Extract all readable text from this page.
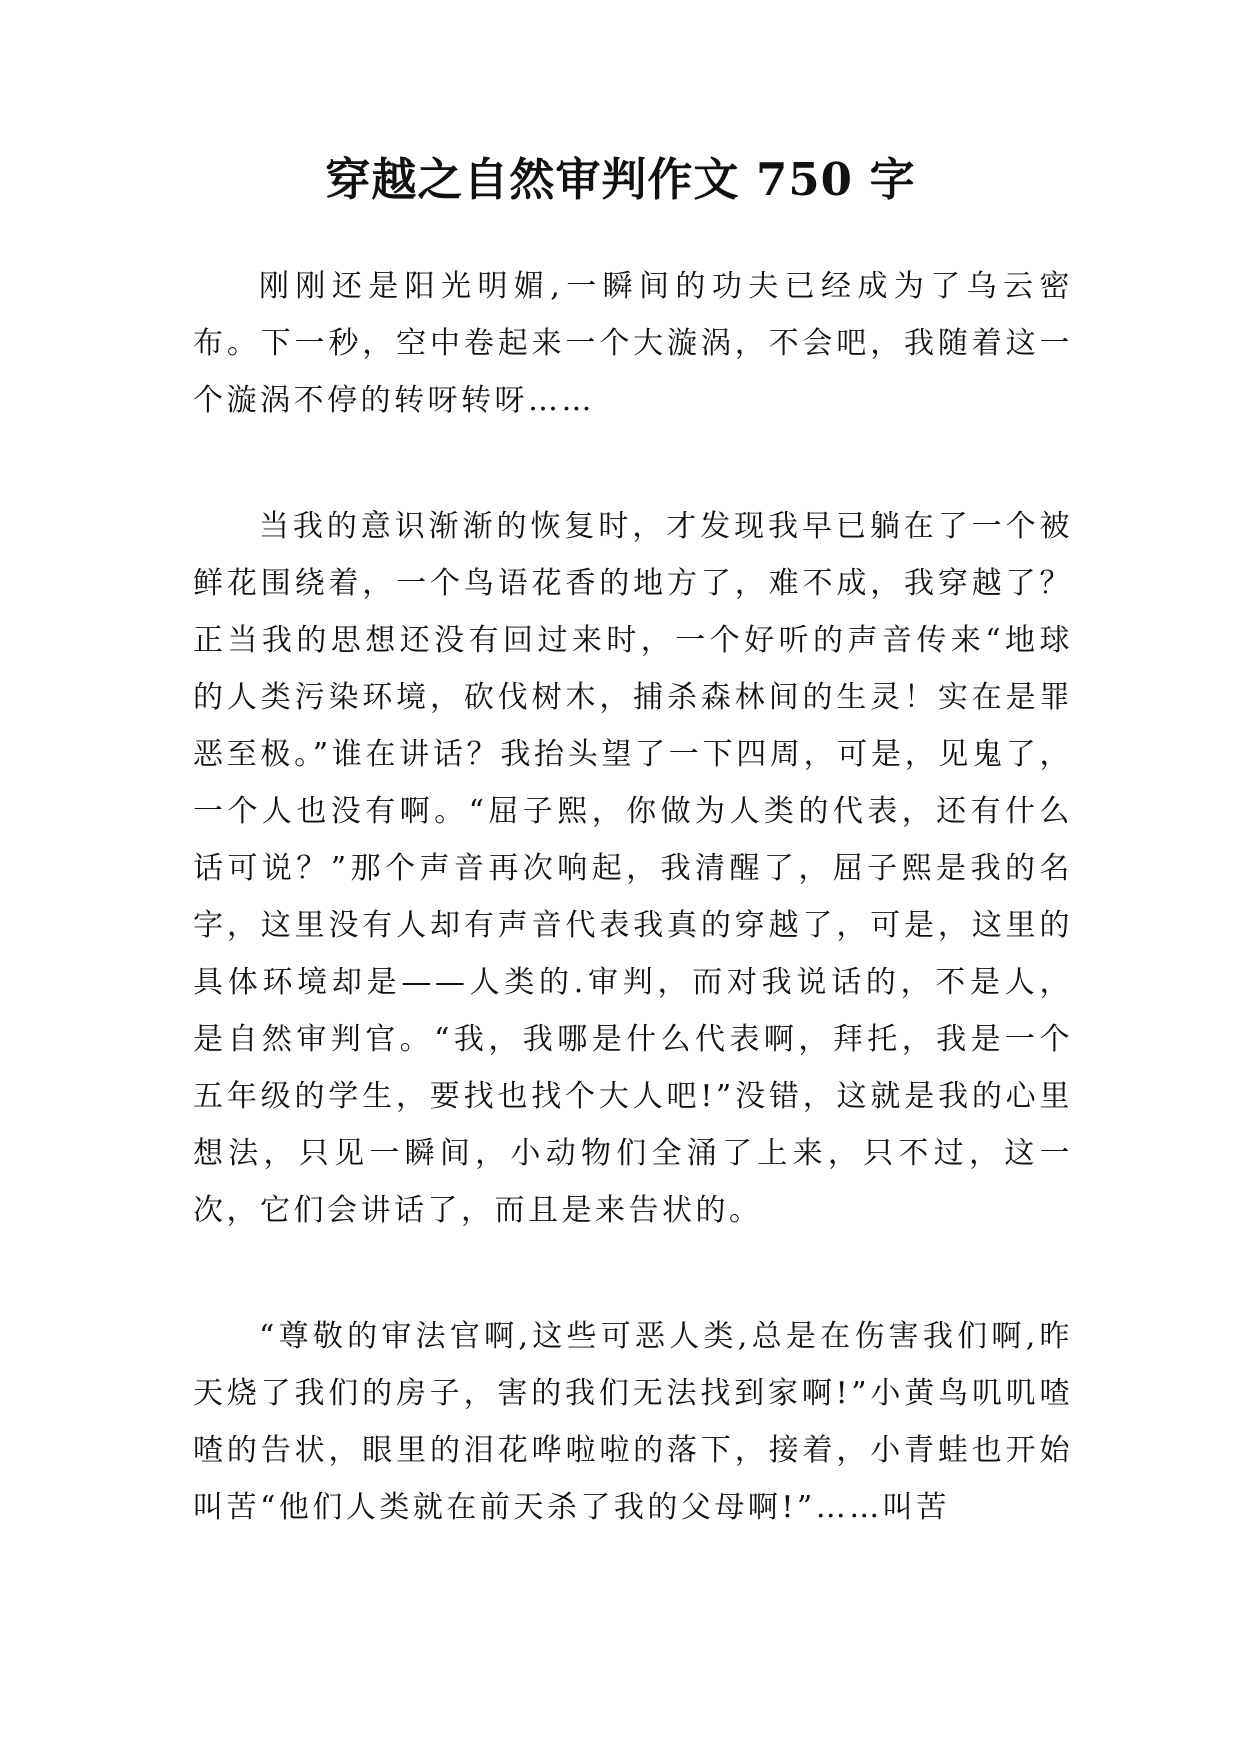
穿越之自然审判作文 750 字

刚刚还是阳光明媚,一瞬间的功夫已经成为了乌云密布。下一秒，空中卷起来一个大漩涡，不会吧，我随着这一个漩涡不停的转呀转呀……

当我的意识渐渐的恢复时，才发现我早已躺在了一个被鲜花围绕着，一个鸟语花香的地方了，难不成，我穿越了？正当我的思想还没有回过来时，一个好听的声音传来“地球的人类污染环境，砍伐树木，捕杀森林间的生灵！实在是罪恶至极。”谁在讲话？我抬头望了一下四周，可是，见鬼了，一个人也没有啊。“屈子熙，你做为人类的代表，还有什么话可说？”那个声音再次响起，我清醒了，屈子熙是我的名字，这里没有人却有声音代表我真的穿越了，可是，这里的具体环境却是——人类的.审判，而对我说话的，不是人，是自然审判官。“我，我哪是什么代表啊，拜托，我是一个五年级的学生，要找也找个大人吧!”没错，这就是我的心里想法，只见一瞬间，小动物们全涌了上来，只不过，这一次，它们会讲话了，而且是来告状的。

“尊敬的审法官啊,这些可恶人类,总是在伤害我们啊,昨天烧了我们的房子，害的我们无法找到家啊!”小黄鸟叽叽喳喳的告状，眼里的泪花哗啦啦的落下，接着，小青蛙也开始叫苦“他们人类就在前天杀了我的父母啊!”……叫苦
